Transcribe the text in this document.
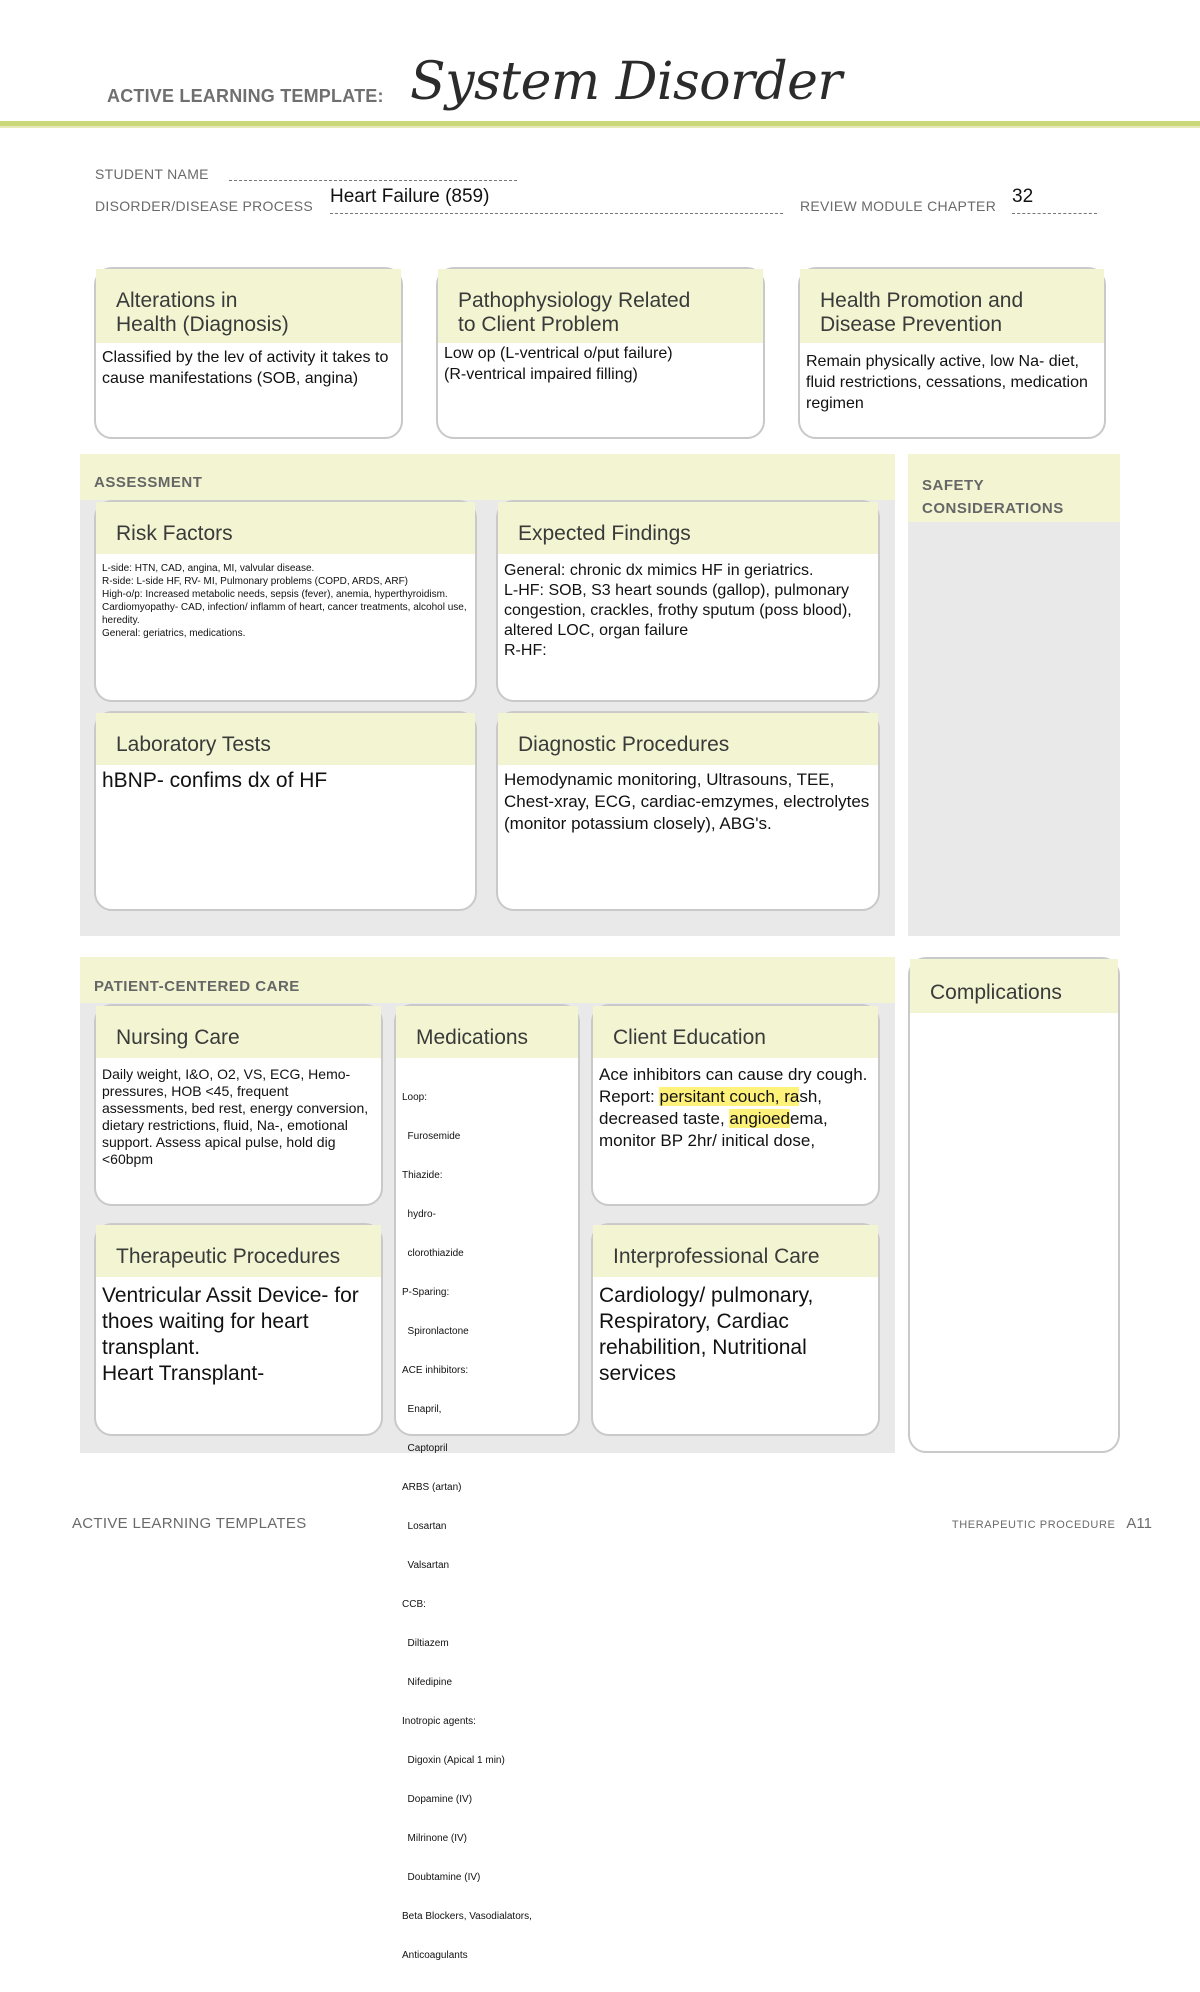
ACTIVE LEARNING TEMPLATE: System Disorder
STUDENT NAME
DISORDER/DISEASE PROCESS Heart Failure (859)	REVIEW MODULE CHAPTER 32
Alterations in
Health (Diagnosis)
Classified by the lev of activity it takes to cause manifestations (SOB, angina)
Pathophysiology Related
to Client Problem
Low op (L-ventrical o/put failure)
(R-ventrical impaired filling)
Health Promotion and
Disease Prevention
Remain physically active, low Na- diet, fluid restrictions, cessations, medication regimen
ASSESSMENT
Risk Factors
L-side: HTN, CAD, angina, MI, valvular disease.
R-side: L-side HF, RV- MI, Pulmonary problems (COPD, ARDS, ARF)
High-o/p: Increased metabolic needs, sepsis (fever), anemia, hyperthyroidism.
Cardiomyopathy- CAD, infection/ inflamm of heart, cancer treatments, alcohol use, heredity.
General: geriatrics, medications.
Expected Findings
General: chronic dx mimics HF in geriatrics.
L-HF: SOB, S3 heart sounds (gallop), pulmonary congestion, crackles, frothy sputum (poss blood), altered LOC, organ failure
R-HF:
Laboratory Tests
hBNP- confims dx of HF
Diagnostic Procedures
Hemodynamic monitoring, Ultrasouns, TEE, Chest-xray, ECG, cardiac-emzymes, electrolytes (monitor potassium closely), ABG's.
SAFETY
CONSIDERATIONS
PATIENT-CENTERED CARE
Nursing Care
Daily weight, I&O, O2, VS, ECG, Hemo-pressures, HOB <45, frequent assessments, bed rest, energy conversion, dietary restrictions, fluid, Na-, emotional support. Assess apical pulse, hold dig <60bpm
Medications

Loop:

Furosemide

Thiazide:

hydro-

clorothiazide

P-Sparing:

Spironlactone

ACE inhibitors:

Enapril,

Captopril

ARBS (artan)

Losartan

Valsartan

CCB:

Diltiazem

Nifedipine

Inotropic agents:

Digoxin (Apical 1 min)

Dopamine (IV)

Milrinone (IV)

Doubtamine (IV)

Beta Blockers, Vasodialators,

Anticoagulants

Client Education
Ace inhibitors can cause dry cough. Report: persitant couch, rash, decreased taste, angioedema, monitor BP 2hr/ initical dose,
Therapeutic Procedures
Ventricular Assit Device- for thoes waiting for heart transplant.
Heart Transplant-
Interprofessional Care
Cardiology/ pulmonary, Respiratory, Cardiac rehabilition, Nutritional services
Complications
ACTIVE LEARNING TEMPLATES	THERAPEUTIC PROCEDURE A11
